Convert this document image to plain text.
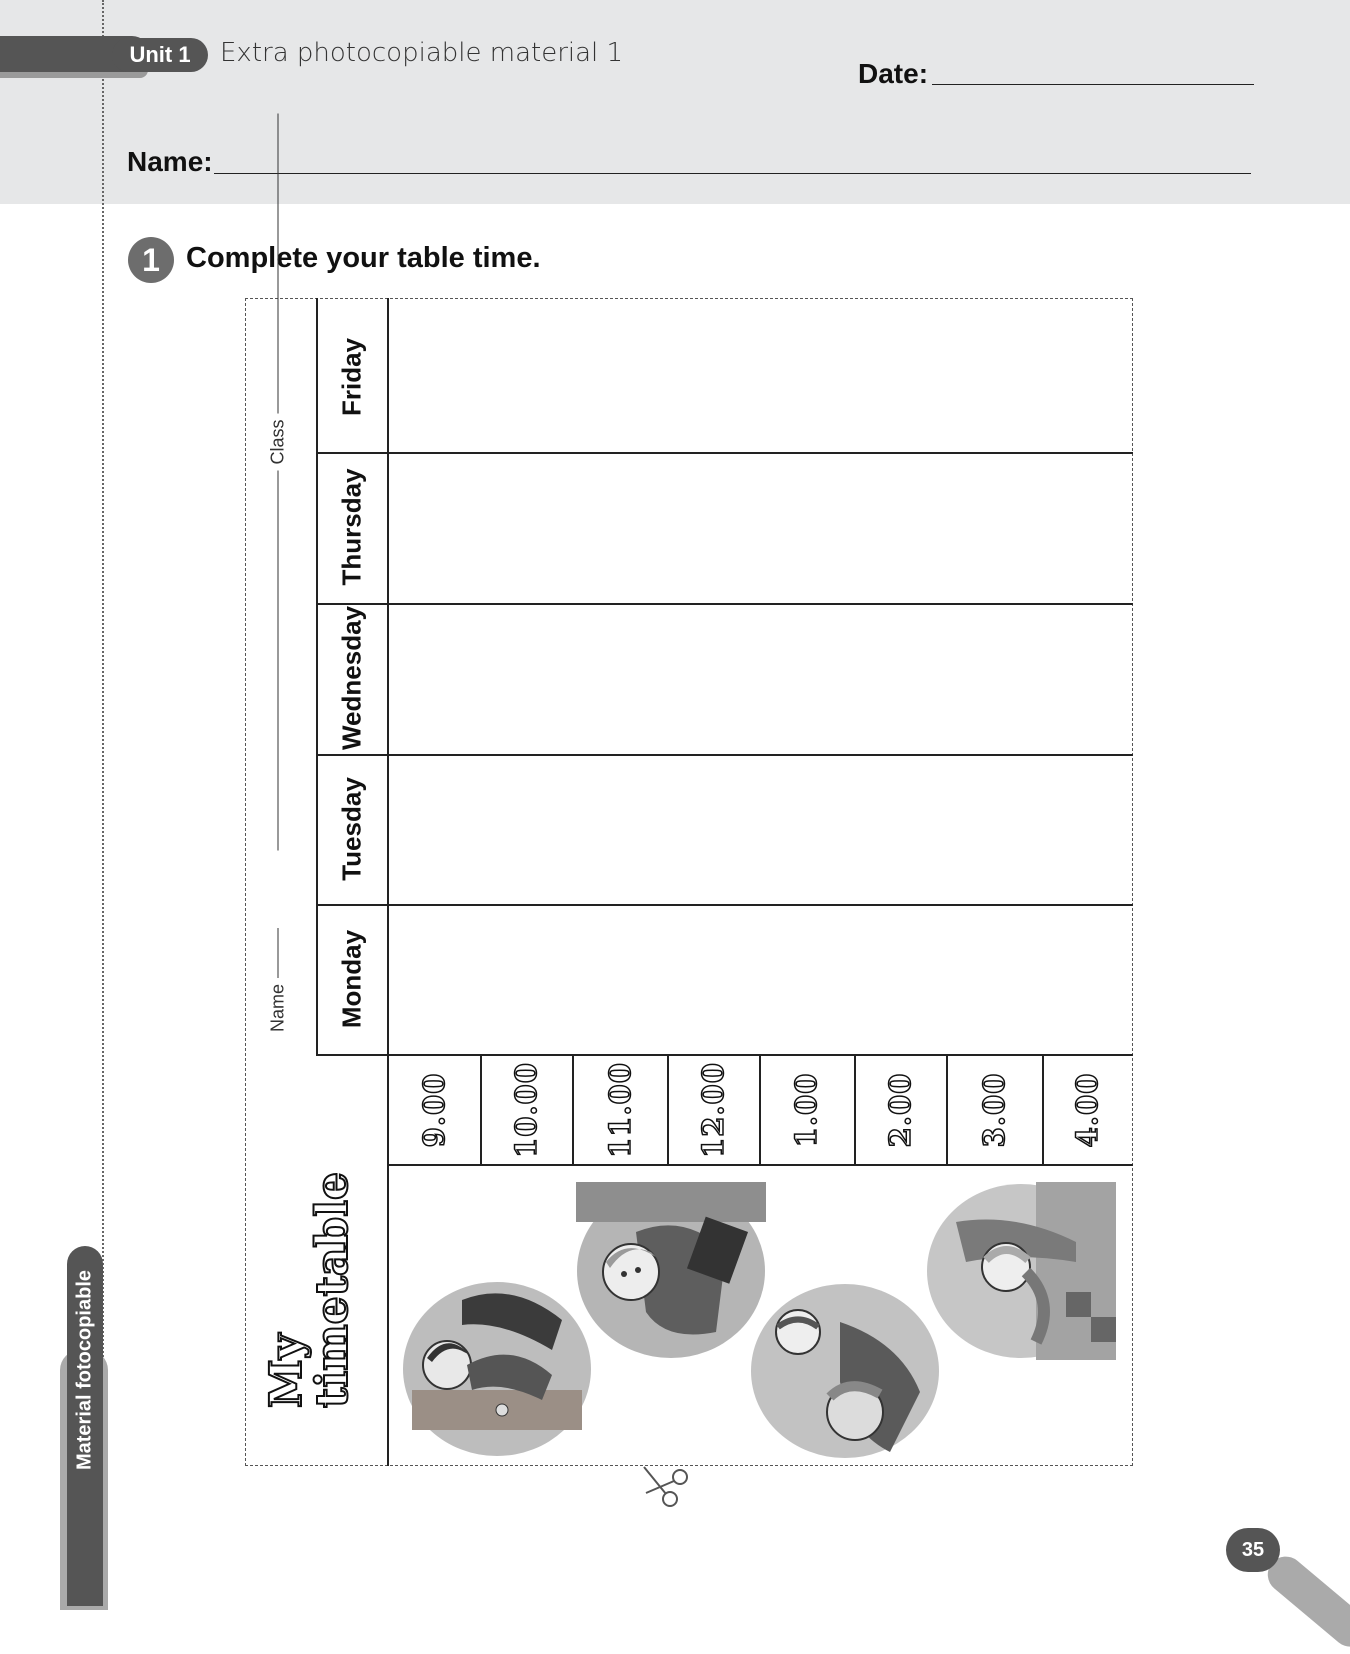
Unit 1	Extra photocopiable material 1
Date:
Name:
1 Complete your table time.
Friday
Thursday
Wednesday
Tuesday
Monday
9.00 10.00 11.00 12.00 1.00 2.00 3.00 4.00
Name
Class
My
timetable
Material fotocopiable
35
